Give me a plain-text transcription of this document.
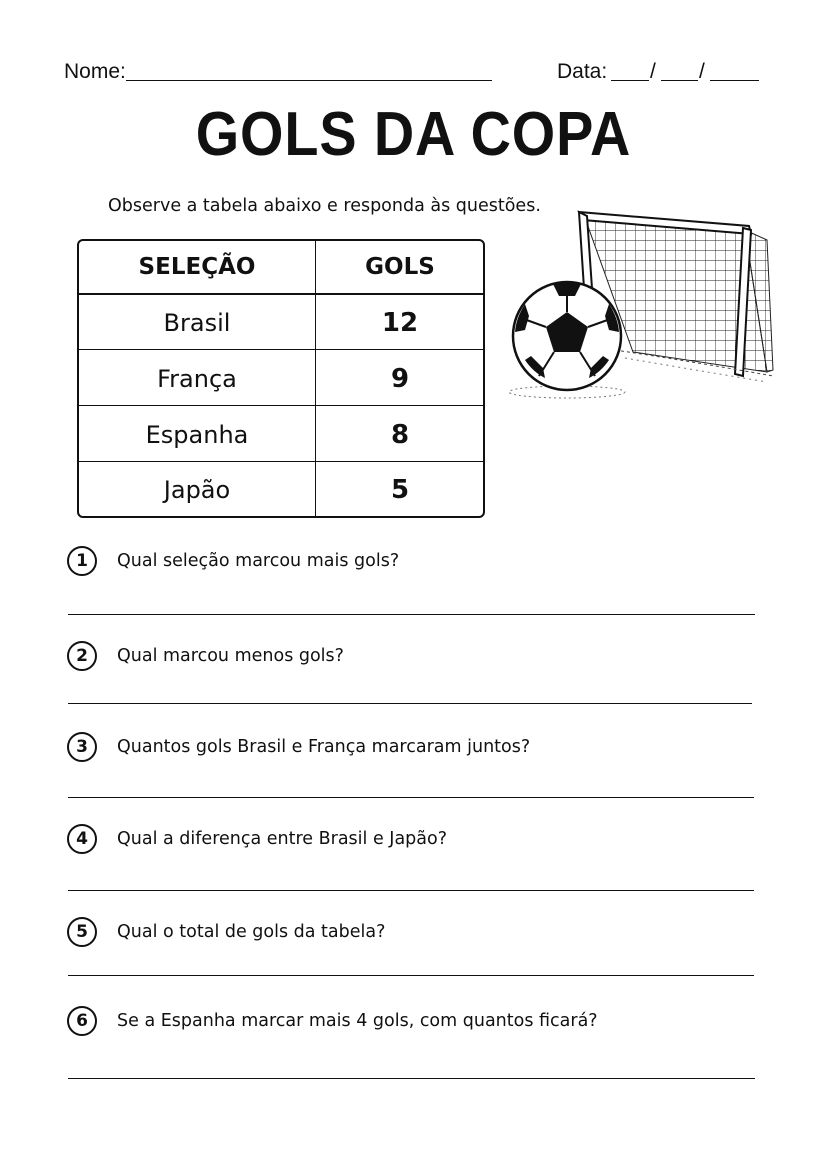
Nome:	Data: / /
GOLS DA COPA
Observe a tabela abaixo e responda às questões.
SELEÇÃO	GOLS
Brasil	12
França	9
Espanha	8
Japão	5
1	Qual seleção marcou mais gols?
2	Qual marcou menos gols?
3	Quantos gols Brasil e França marcaram juntos?
4	Qual a diferença entre Brasil e Japão?
5	Qual o total de gols da tabela?
6	Se a Espanha marcar mais 4 gols, com quantos ficará?
